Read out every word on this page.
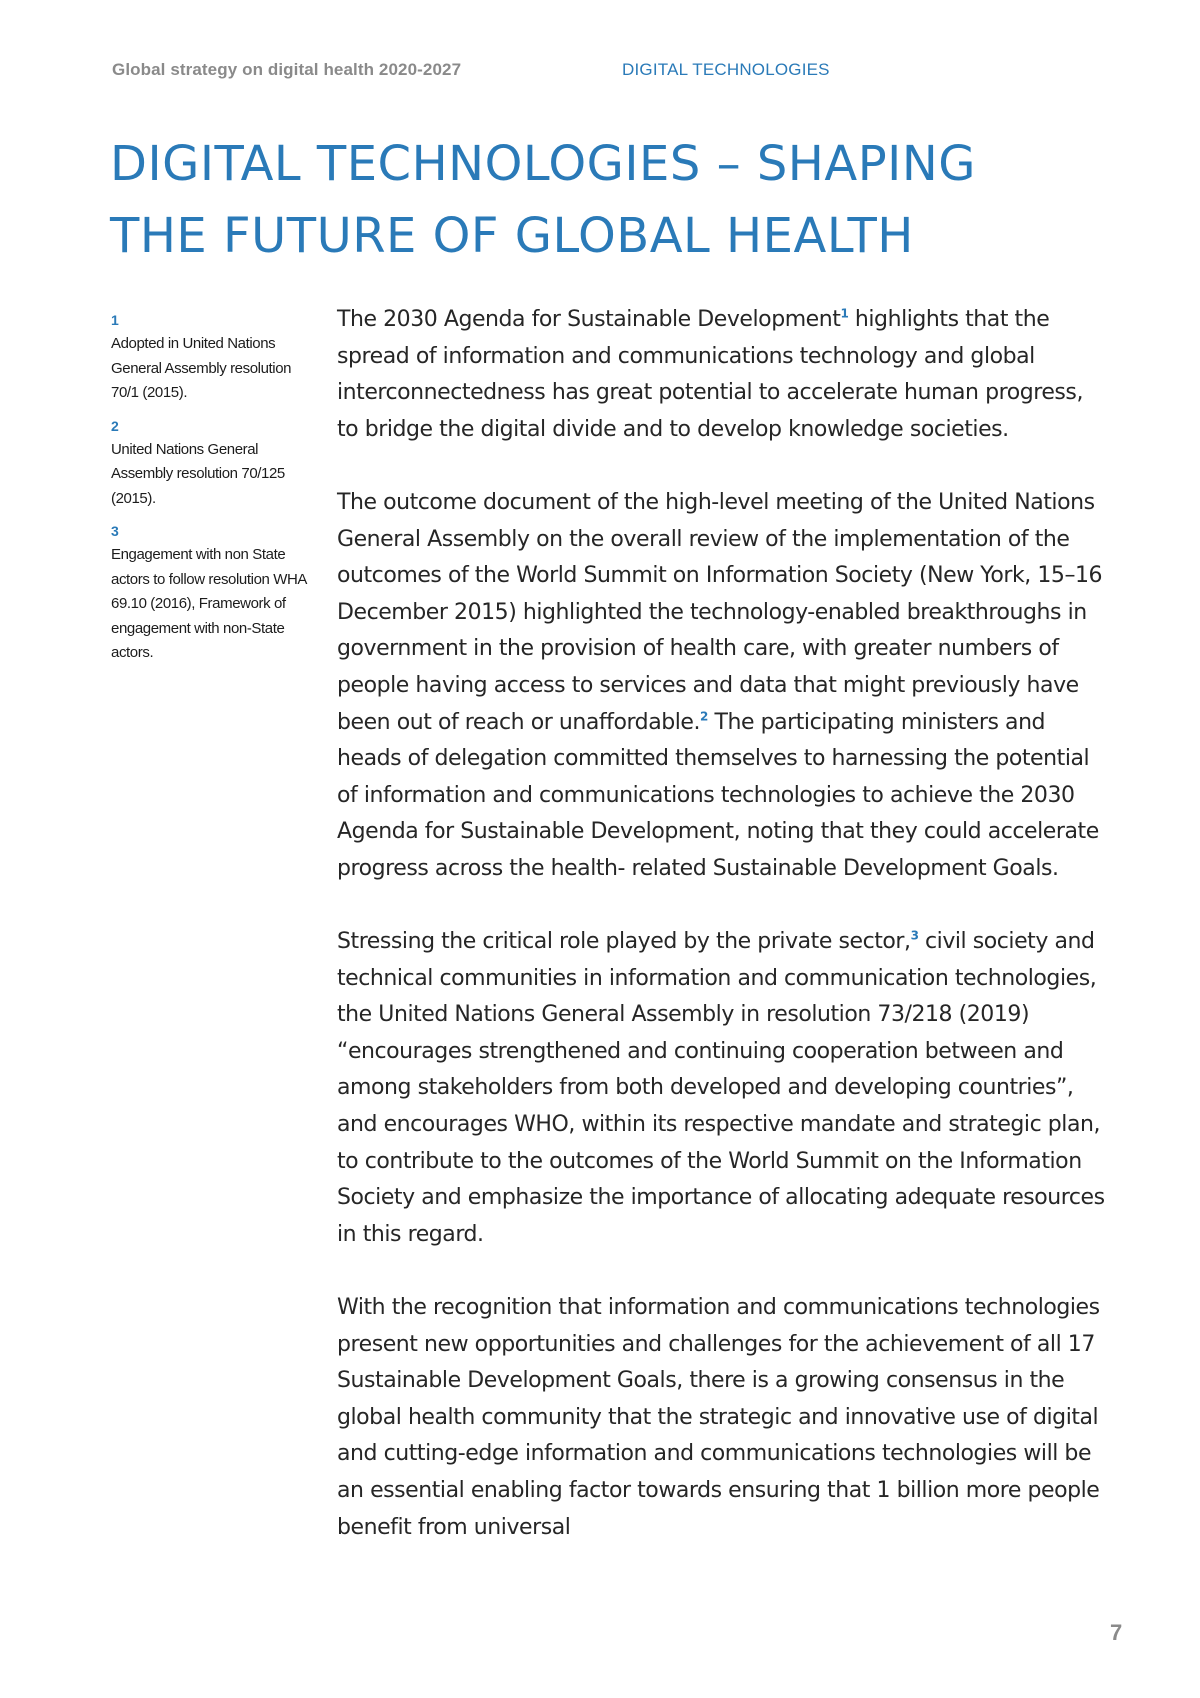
Global strategy on digital health 2020-2027	DIGITAL TECHNOLOGIES
DIGITAL TECHNOLOGIES – SHAPING
THE FUTURE OF GLOBAL HEALTH
1
Adopted in United Nations General Assembly resolution 70/1 (2015).
2
United Nations General Assembly resolution 70/125 (2015).
3
Engagement with non State actors to follow resolution WHA 69.10 (2016), Framework of engagement with non-State actors.

The 2030 Agenda for Sustainable Development$^1$ highlights that the spread of information and communications technology and global interconnectedness has great potential to accelerate human progress, to bridge the digital divide and to develop knowledge societies.

The outcome document of the high-level meeting of the United Nations General Assembly on the overall review of the implementation of the outcomes of the World Summit on Information Society (New York, 15–16 December 2015) highlighted the technology-enabled breakthroughs in government in the provision of health care, with greater numbers of people having access to services and data that might previously have been out of reach or unaffordable.$^2$ The participating ministers and heads of delegation committed themselves to harnessing the potential of information and communications technologies to achieve the 2030 Agenda for Sustainable Development, noting that they could accelerate progress across the health- related Sustainable Development Goals.

Stressing the critical role played by the private sector,$^3$ civil society and technical communities in information and communication technologies, the United Nations General Assembly in resolution 73/218 (2019) “encourages strengthened and continuing cooperation between and among stakeholders from both developed and developing countries”, and encourages WHO, within its respective mandate and strategic plan, to contribute to the outcomes of the World Summit on the Information Society and emphasize the importance of allocating adequate resources in this regard.

With the recognition that information and communications technologies present new opportunities and challenges for the achievement of all 17 Sustainable Development Goals, there is a growing consensus in the global health community that the strategic and innovative use of digital and cutting-edge information and communications technologies will be an essential enabling factor towards ensuring that 1 billion more people benefit from universal

7
